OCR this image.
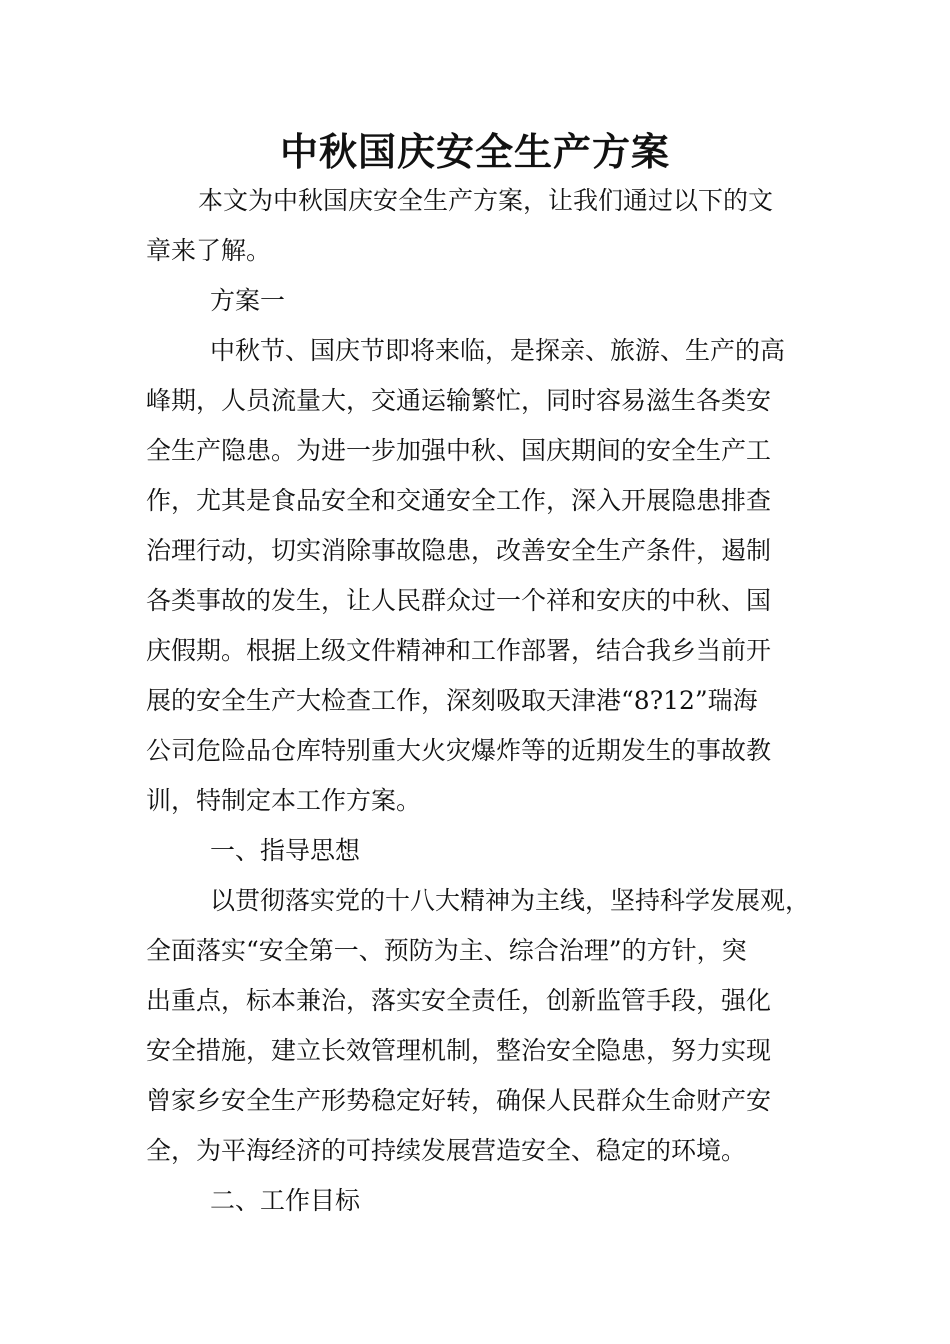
中秋国庆安全生产方案

本文为中秋国庆安全生产方案，让我们通过以下的文

章来了解。

方案一

中秋节、国庆节即将来临，是探亲、旅游、生产的高

峰期，人员流量大，交通运输繁忙，同时容易滋生各类安

全生产隐患。为进一步加强中秋、国庆期间的安全生产工

作，尤其是食品安全和交通安全工作，深入开展隐患排查

治理行动，切实消除事故隐患，改善安全生产条件，遏制

各类事故的发生，让人民群众过一个祥和安庆的中秋、国

庆假期。根据上级文件精神和工作部署，结合我乡当前开

展的安全生产大检查工作，深刻吸取天津港“8?12”瑞海

公司危险品仓库特别重大火灾爆炸等的近期发生的事故教

训，特制定本工作方案。

一、指导思想

以贯彻落实党的十八大精神为主线，坚持科学发展观，

全面落实“安全第一、预防为主、综合治理”的方针，突

出重点，标本兼治，落实安全责任，创新监管手段，强化

安全措施，建立长效管理机制，整治安全隐患，努力实现

曾家乡安全生产形势稳定好转，确保人民群众生命财产安

全，为平海经济的可持续发展营造安全、稳定的环境。

二、工作目标
